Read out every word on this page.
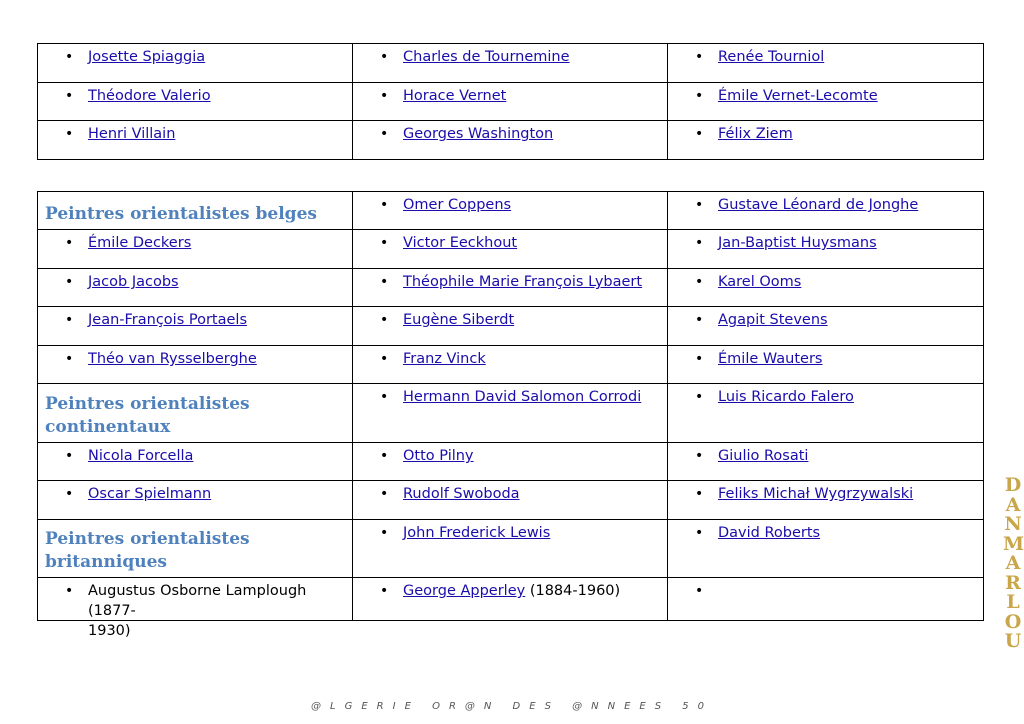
• Josette Spiaggia	• Charles de Tournemine	• Renée Tourniol

• Théodore Valerio	• Horace Vernet	• Émile Vernet-Lecomte

• Henri Villain	• Georges Washington	• Félix Ziem
Peintres orientalistes belges	• Omer Coppens	• Gustave Léonard de Jonghe

• Émile Deckers	• Victor Eeckhout	• Jan-Baptist Huysmans

• Jacob Jacobs	• Théophile Marie François Lybaert	• Karel Ooms

• Jean-François Portaels	• Eugène Siberdt	• Agapit Stevens

• Théo van Rysselberghe	• Franz Vinck	• Émile Wauters

Peintres orientalistes
continentaux	• Hermann David Salomon Corrodi	• Luis Ricardo Falero

• Nicola Forcella	• Otto Pilny	• Giulio Rosati

• Oscar Spielmann	• Rudolf Swoboda	• Feliks Michał Wygrzywalski

Peintres orientalistes
britanniques	• John Frederick Lewis	• David Roberts

• Augustus Osborne Lamplough (1877-
1930)	• George Apperley (1884-1960)	•
@LGERIE OR@N DES @NNEES 50
DANMARLOU
